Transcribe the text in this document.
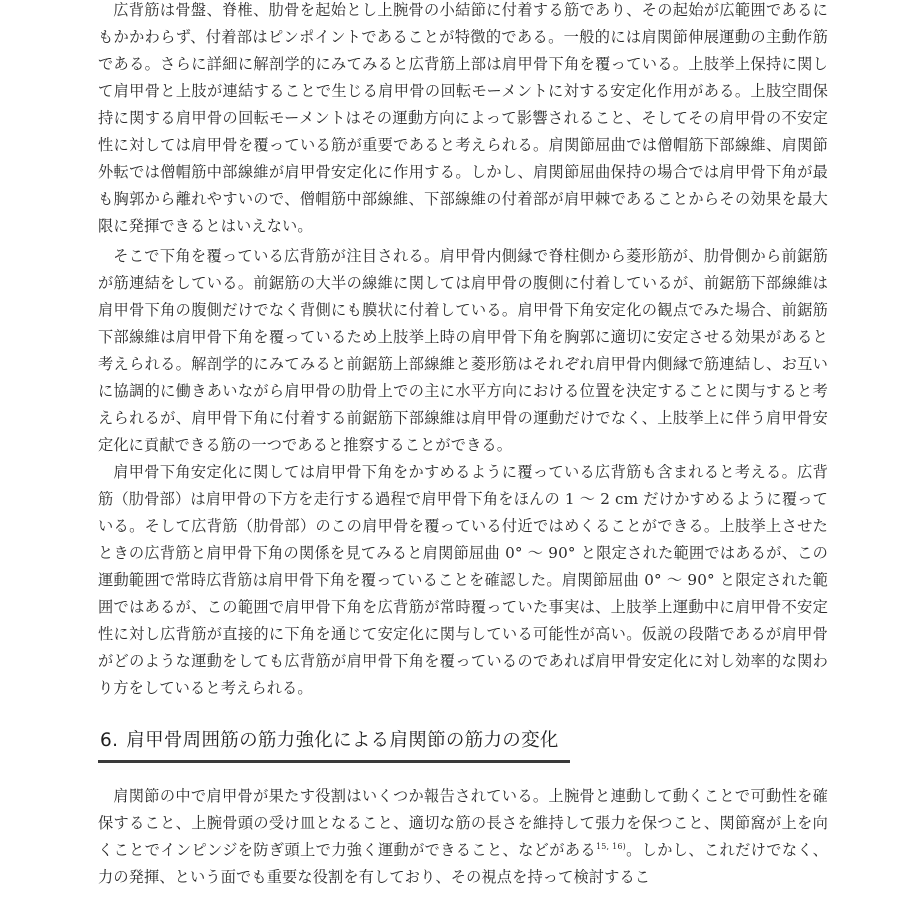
広背筋は骨盤、脊椎、肋骨を起始とし上腕骨の小結節に付着する筋であり、その起始が広範囲であるにもかかわらず、付着部はピンポイントであることが特徴的である。一般的には肩関節伸展運動の主動作筋である。さらに詳細に解剖学的にみてみると広背筋上部は肩甲骨下角を覆っている。上肢挙上保持に関して肩甲骨と上肢が連結することで生じる肩甲骨の回転モーメントに対する安定化作用がある。上肢空間保持に関する肩甲骨の回転モーメントはその運動方向によって影響されること、そしてその肩甲骨の不安定性に対しては肩甲骨を覆っている筋が重要であると考えられる。肩関節屈曲では僧帽筋下部線維、肩関節外転では僧帽筋中部線維が肩甲骨安定化に作用する。しかし、肩関節屈曲保持の場合では肩甲骨下角が最も胸郭から離れやすいので、僧帽筋中部線維、下部線維の付着部が肩甲棘であることからその効果を最大限に発揮できるとはいえない。

そこで下角を覆っている広背筋が注目される。肩甲骨内側縁で脊柱側から菱形筋が、肋骨側から前鋸筋が筋連結をしている。前鋸筋の大半の線維に関しては肩甲骨の腹側に付着しているが、前鋸筋下部線維は肩甲骨下角の腹側だけでなく背側にも膜状に付着している。肩甲骨下角安定化の観点でみた場合、前鋸筋下部線維は肩甲骨下角を覆っているため上肢挙上時の肩甲骨下角を胸郭に適切に安定させる効果があると考えられる。解剖学的にみてみると前鋸筋上部線維と菱形筋はそれぞれ肩甲骨内側縁で筋連結し、お互いに協調的に働きあいながら肩甲骨の肋骨上での主に水平方向における位置を決定することに関与すると考えられるが、肩甲骨下角に付着する前鋸筋下部線維は肩甲骨の運動だけでなく、上肢挙上に伴う肩甲骨安定化に貢献できる筋の一つであると推察することができる。

肩甲骨下角安定化に関しては肩甲骨下角をかすめるように覆っている広背筋も含まれると考える。広背筋（肋骨部）は肩甲骨の下方を走行する過程で肩甲骨下角をほんの 1 ～ 2 cm だけかすめるように覆っている。そして広背筋（肋骨部）のこの肩甲骨を覆っている付近ではめくることができる。上肢挙上させたときの広背筋と肩甲骨下角の関係を見てみると肩関節屈曲 0° ～ 90° と限定された範囲ではあるが、この運動範囲で常時広背筋は肩甲骨下角を覆っていることを確認した。肩関節屈曲 0° ～ 90° と限定された範囲ではあるが、この範囲で肩甲骨下角を広背筋が常時覆っていた事実は、上肢挙上運動中に肩甲骨不安定性に対し広背筋が直接的に下角を通じて安定化に関与している可能性が高い。仮説の段階であるが肩甲骨がどのような運動をしても広背筋が肩甲骨下角を覆っているのであれば肩甲骨安定化に対し効率的な関わり方をしていると考えられる。

6. 肩甲骨周囲筋の筋力強化による肩関節の筋力の変化

肩関節の中で肩甲骨が果たす役割はいくつか報告されている。上腕骨と連動して動くことで可動性を確保すること、上腕骨頭の受け皿となること、適切な筋の長さを維持して張力を保つこと、関節窩が上を向くことでインピンジを防ぎ頭上で力強く運動ができること、などがある$^{15, 16)}$。しかし、これだけでなく、力の発揮、という面でも重要な役割を有しており、その視点を持って検討するこ
